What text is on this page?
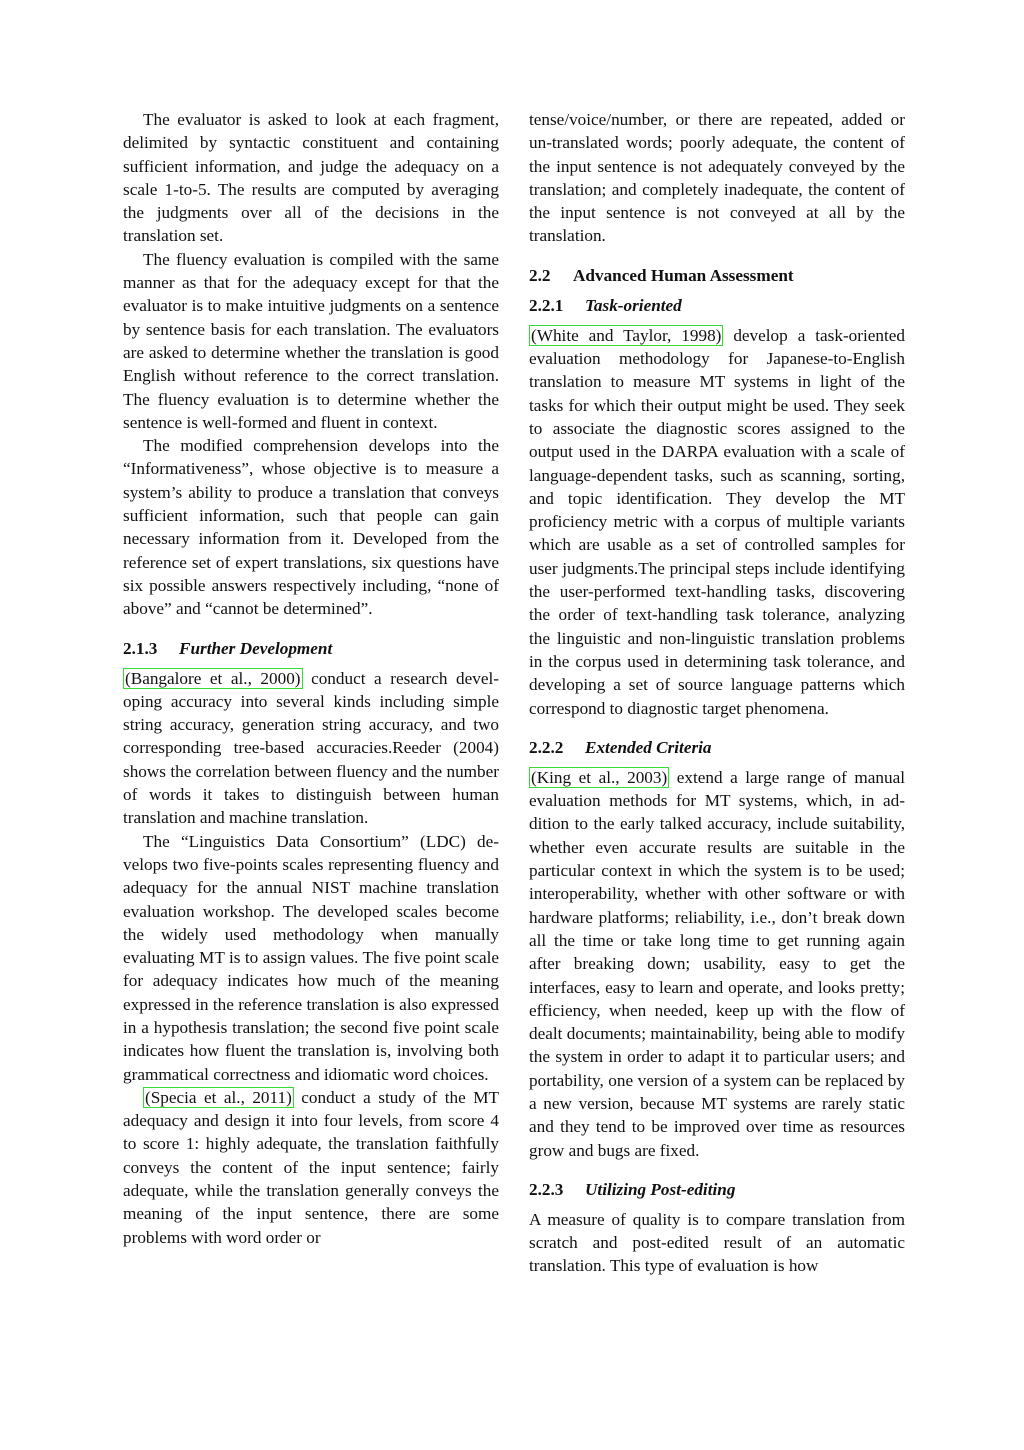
The evaluator is asked to look at each fragment, delimited by syntactic constituent and containing sufficient information, and judge the adequacy on a scale 1-to-5. The results are computed by averaging the judgments over all of the decisions in the translation set.

The fluency evaluation is compiled with the same manner as that for the adequacy except for that the evaluator is to make intuitive judgments on a sentence by sentence basis for each translation. The evaluators are asked to determine whether the translation is good English without reference to the correct translation. The fluency evaluation is to determine whether the sentence is well-formed and fluent in context.

The modified comprehension develops into the “Informativeness”, whose objective is to measure a system’s ability to produce a translation that conveys sufficient information, such that people can gain necessary information from it. Developed from the reference set of expert translations, six questions have six possible answers respectively including, “none of above” and “cannot be determined”.

2.1.3 Further Development

(Bangalore et al., 2000) conduct a research developing accuracy into several kinds including simple string accuracy, generation string accuracy, and two corresponding tree-based accuracies.Reeder (2004) shows the correlation between fluency and the number of words it takes to distinguish between human translation and machine translation.

The “Linguistics Data Consortium” (LDC) develops two five-points scales representing fluency and adequacy for the annual NIST machine translation evaluation workshop. The developed scales become the widely used methodology when manually evaluating MT is to assign values. The five point scale for adequacy indicates how much of the meaning expressed in the reference translation is also expressed in a hypothesis translation; the second five point scale indicates how fluent the translation is, involving both grammatical correctness and idiomatic word choices.

(Specia et al., 2011) conduct a study of the MT adequacy and design it into four levels, from score 4 to score 1: highly adequate, the translation faithfully conveys the content of the input sentence; fairly adequate, while the translation generally conveys the meaning of the input sentence, there are some problems with word order or

tense/voice/number, or there are repeated, added or un-translated words; poorly adequate, the content of the input sentence is not adequately conveyed by the translation; and completely inadequate, the content of the input sentence is not conveyed at all by the translation.

2.2 Advanced Human Assessment
2.2.1 Task-oriented

(White and Taylor, 1998) develop a task-oriented evaluation methodology for Japanese-to-English translation to measure MT systems in light of the tasks for which their output might be used. They seek to associate the diagnostic scores assigned to the output used in the DARPA evaluation with a scale of language-dependent tasks, such as scanning, sorting, and topic identification. They develop the MT proficiency metric with a corpus of multiple variants which are usable as a set of controlled samples for user judgments.The principal steps include identifying the user-performed text-handling tasks, discovering the order of text-handling task tolerance, analyzing the linguistic and non-linguistic translation problems in the corpus used in determining task tolerance, and developing a set of source language patterns which correspond to diagnostic target phenomena.

2.2.2 Extended Criteria

(King et al., 2003) extend a large range of manual evaluation methods for MT systems, which, in addition to the early talked accuracy, include suitability, whether even accurate results are suitable in the particular context in which the system is to be used; interoperability, whether with other software or with hardware platforms; reliability, i.e., don’t break down all the time or take long time to get running again after breaking down; usability, easy to get the interfaces, easy to learn and operate, and looks pretty; efficiency, when needed, keep up with the flow of dealt documents; maintainability, being able to modify the system in order to adapt it to particular users; and portability, one version of a system can be replaced by a new version, because MT systems are rarely static and they tend to be improved over time as resources grow and bugs are fixed.

2.2.3 Utilizing Post-editing

A measure of quality is to compare translation from scratch and post-edited result of an automatic translation. This type of evaluation is how
